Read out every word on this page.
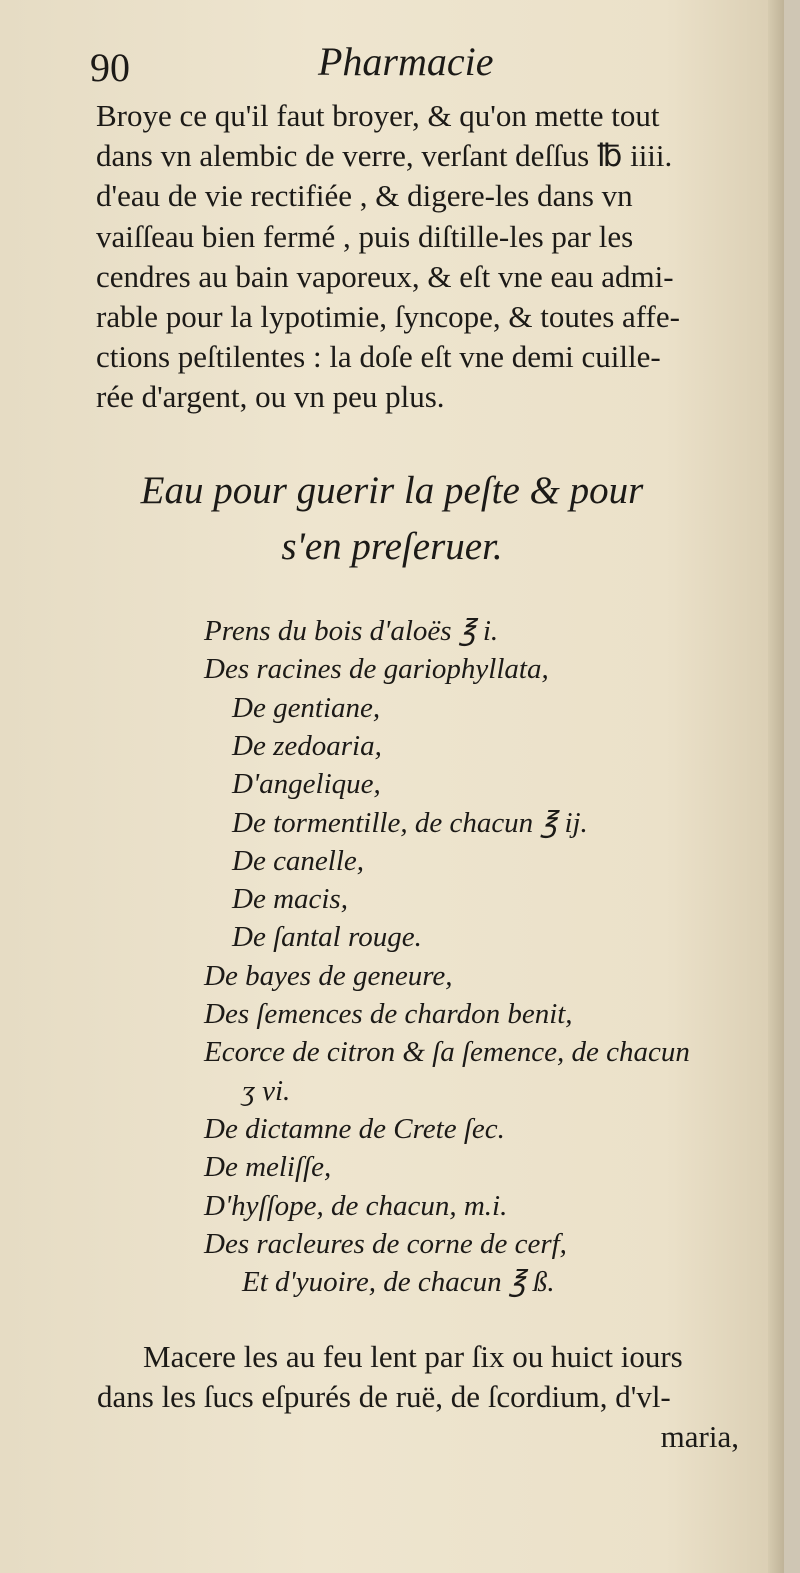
90	Pharmacie

Broye ce qu'il faut broyer, & qu'on mette tout
dans vn alembic de verre, verſant deſſus ℔ iiii.
d'eau de vie rectifiée , & digere-les dans vn
vaiſſeau bien fermé , puis diſtille-les par les
cendres au bain vaporeux, & eſt vne eau admi-
rable pour la lypotimie, ſyncope, & toutes affe-
ctions peſtilentes : la doſe eſt vne demi cuille-
rée d'argent, ou vn peu plus.

Eau pour guerir la peſte & pour
s'en preſeruer.
Prens du bois d'aloës ℥ i.
Des racines de gariophyllata,
De gentiane,
De zedoaria,
D'angelique,
De tormentille, de chacun ℥ ij.
De canelle,
De macis,
De ſantal rouge.
De bayes de geneure,
Des ſemences de chardon benit,
Ecorce de citron & ſa ſemence, de chacun
ʒ vi.
De dictamne de Crete ſec.
De meliſſe,
D'hyſſope, de chacun, m.i.
Des racleures de corne de cerf,
Et d'yuoire, de chacun ℥ ß.
Macere les au feu lent par ſix ou huict iours
dans les ſucs eſpurés de ruë, de ſcordium, d'vl-
maria,
